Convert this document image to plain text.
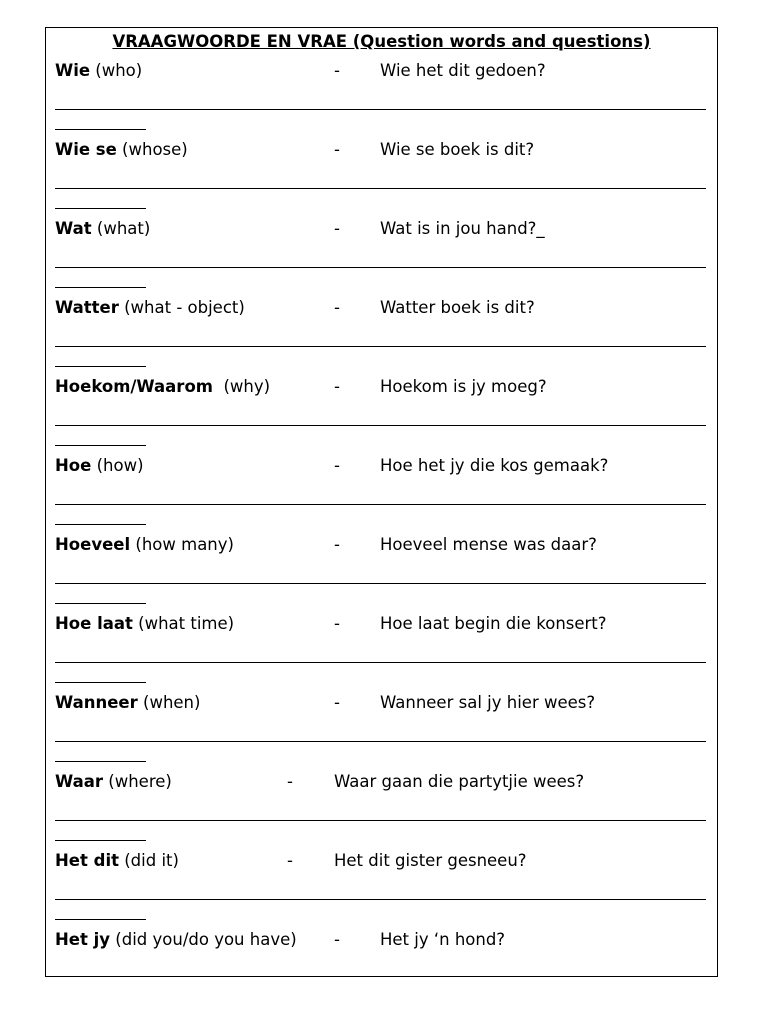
VRAAGWOORDE EN VRAE (Question words and questions)
Wie (who)	- Wie het dit gedoen?
Wie se (whose)	- Wie se boek is dit?
Wat (what)	- Wat is in jou hand?_
Watter (what - object)	- Watter boek is dit?
Hoekom/Waarom  (why)	- Hoekom is jy moeg?
Hoe (how)	- Hoe het jy die kos gemaak?
Hoeveel (how many)	- Hoeveel mense was daar?
Hoe laat (what time)	- Hoe laat begin die konsert?
Wanneer (when)	- Wanneer sal jy hier wees?
Waar (where)	- Waar gaan die partytjie wees?
Het dit (did it)	- Het dit gister gesneeu?
Het jy (did you/do you have) - Het jy ‘n hond?
